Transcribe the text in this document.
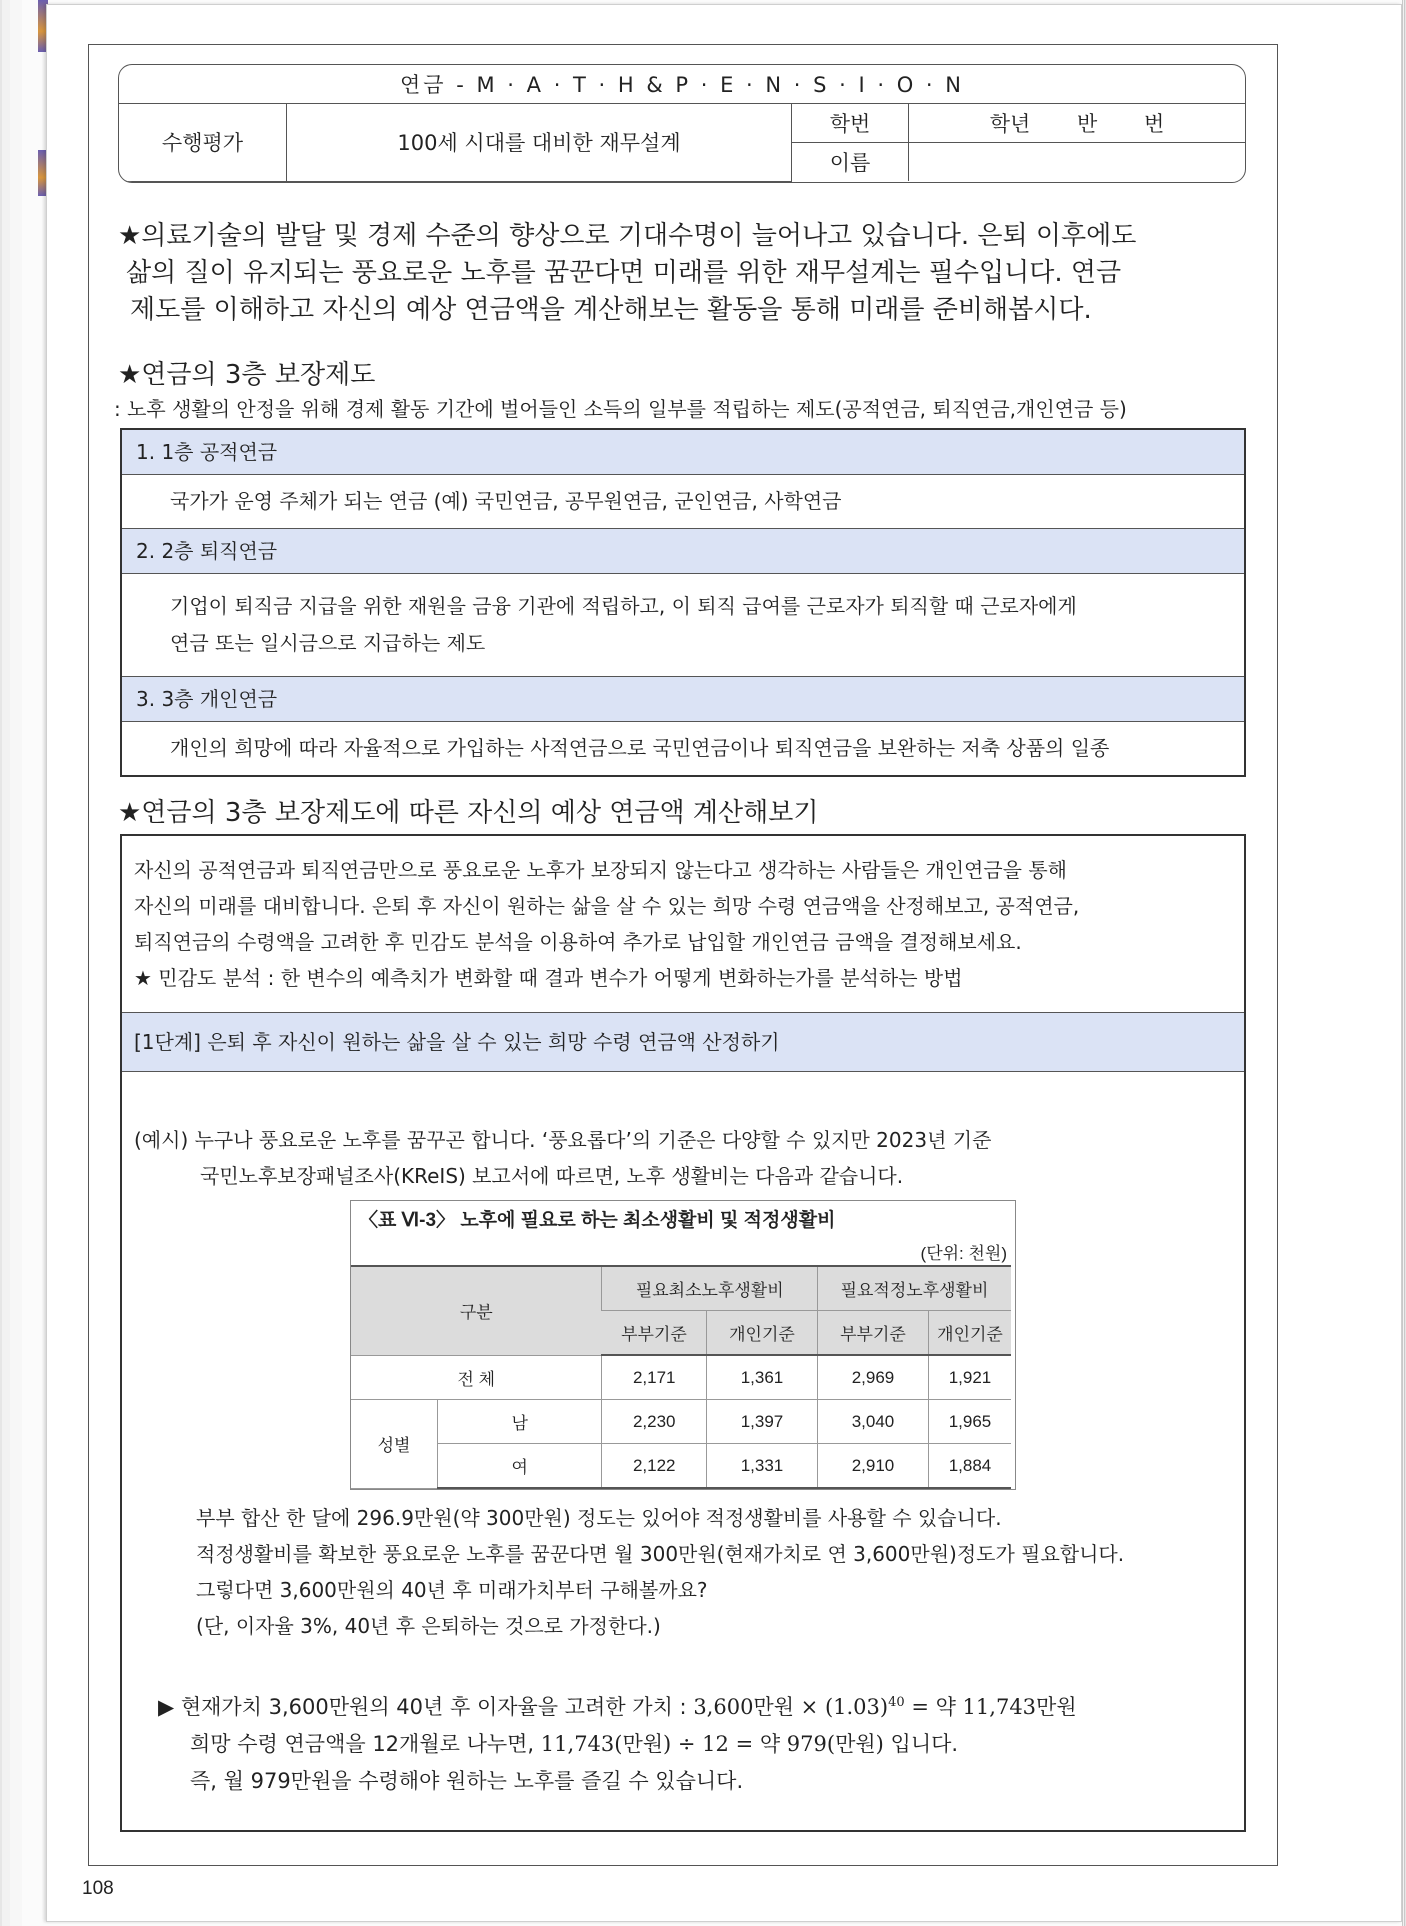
연금 - M · A · T · H & P · E · N · S · I · O · N			
수행평가	100세 시대를 대비한 재무설계	학번	학년 반 번
		이름	
★의료기술의 발달 및 경제 수준의 향상으로 기대수명이 늘어나고 있습니다. 은퇴 이후에도
삶의 질이 유지되는 풍요로운 노후를 꿈꾼다면 미래를 위한 재무설계는 필수입니다. 연금
제도를 이해하고 자신의 예상 연금액을 계산해보는 활동을 통해 미래를 준비해봅시다.
★연금의 3층 보장제도
: 노후 생활의 안정을 위해 경제 활동 기간에 벌어들인 소득의 일부를 적립하는 제도(공적연금, 퇴직연금,개인연금 등)
1. 1층 공적연금
국가가 운영 주체가 되는 연금 (예) 국민연금, 공무원연금, 군인연금, 사학연금
2. 2층 퇴직연금
기업이 퇴직금 지급을 위한 재원을 금융 기관에 적립하고, 이 퇴직 급여를 근로자가 퇴직할 때 근로자에게
연금 또는 일시금으로 지급하는 제도
3. 3층 개인연금
개인의 희망에 따라 자율적으로 가입하는 사적연금으로 국민연금이나 퇴직연금을 보완하는 저축 상품의 일종
★연금의 3층 보장제도에 따른 자신의 예상 연금액 계산해보기
자신의 공적연금과 퇴직연금만으로 풍요로운 노후가 보장되지 않는다고 생각하는 사람들은 개인연금을 통해
자신의 미래를 대비합니다. 은퇴 후 자신이 원하는 삶을 살 수 있는 희망 수령 연금액을 산정해보고, 공적연금,
퇴직연금의 수령액을 고려한 후 민감도 분석을 이용하여 추가로 납입할 개인연금 금액을 결정해보세요.
★ 민감도 분석 : 한 변수의 예측치가 변화할 때 결과 변수가 어떻게 변화하는가를 분석하는 방법
[1단계] 은퇴 후 자신이 원하는 삶을 살 수 있는 희망 수령 연금액 산정하기
(예시) 누구나 풍요로운 노후를 꿈꾸곤 합니다. ‘풍요롭다’의 기준은 다양할 수 있지만 2023년 기준
국민노후보장패널조사(KReIS) 보고서에 따르면, 노후 생활비는 다음과 같습니다.
〈표 Ⅵ-3〉 노후에 필요로 하는 최소생활비 및 적정생활비
(단위: 천원)
구분		필요최소노후생활비		필요적정노후생활비	
		부부기준	개인기준	부부기준	개인기준
전 체		2,171	1,361	2,969	1,921
성별	남	2,230	1,397	3,040	1,965
	여	2,122	1,331	2,910	1,884
부부 합산 한 달에 296.9만원(약 300만원) 정도는 있어야 적정생활비를 사용할 수 있습니다.
적정생활비를 확보한 풍요로운 노후를 꿈꾼다면 월 300만원(현재가치로 연 3,600만원)정도가 필요합니다.
그렇다면 3,600만원의 40년 후 미래가치부터 구해볼까요?
(단, 이자율 3%, 40년 후 은퇴하는 것으로 가정한다.)
▶ 현재가치 3,600만원의 40년 후 이자율을 고려한 가치 : 3,600만원 × $(1.03)^{40}$ = 약 11,743만원
희망 수령 연금액을 12개월로 나누면, 11,743(만원) ÷ 12 = 약 979(만원) 입니다.
즉, 월 979만원을 수령해야 원하는 노후를 즐길 수 있습니다.
108
